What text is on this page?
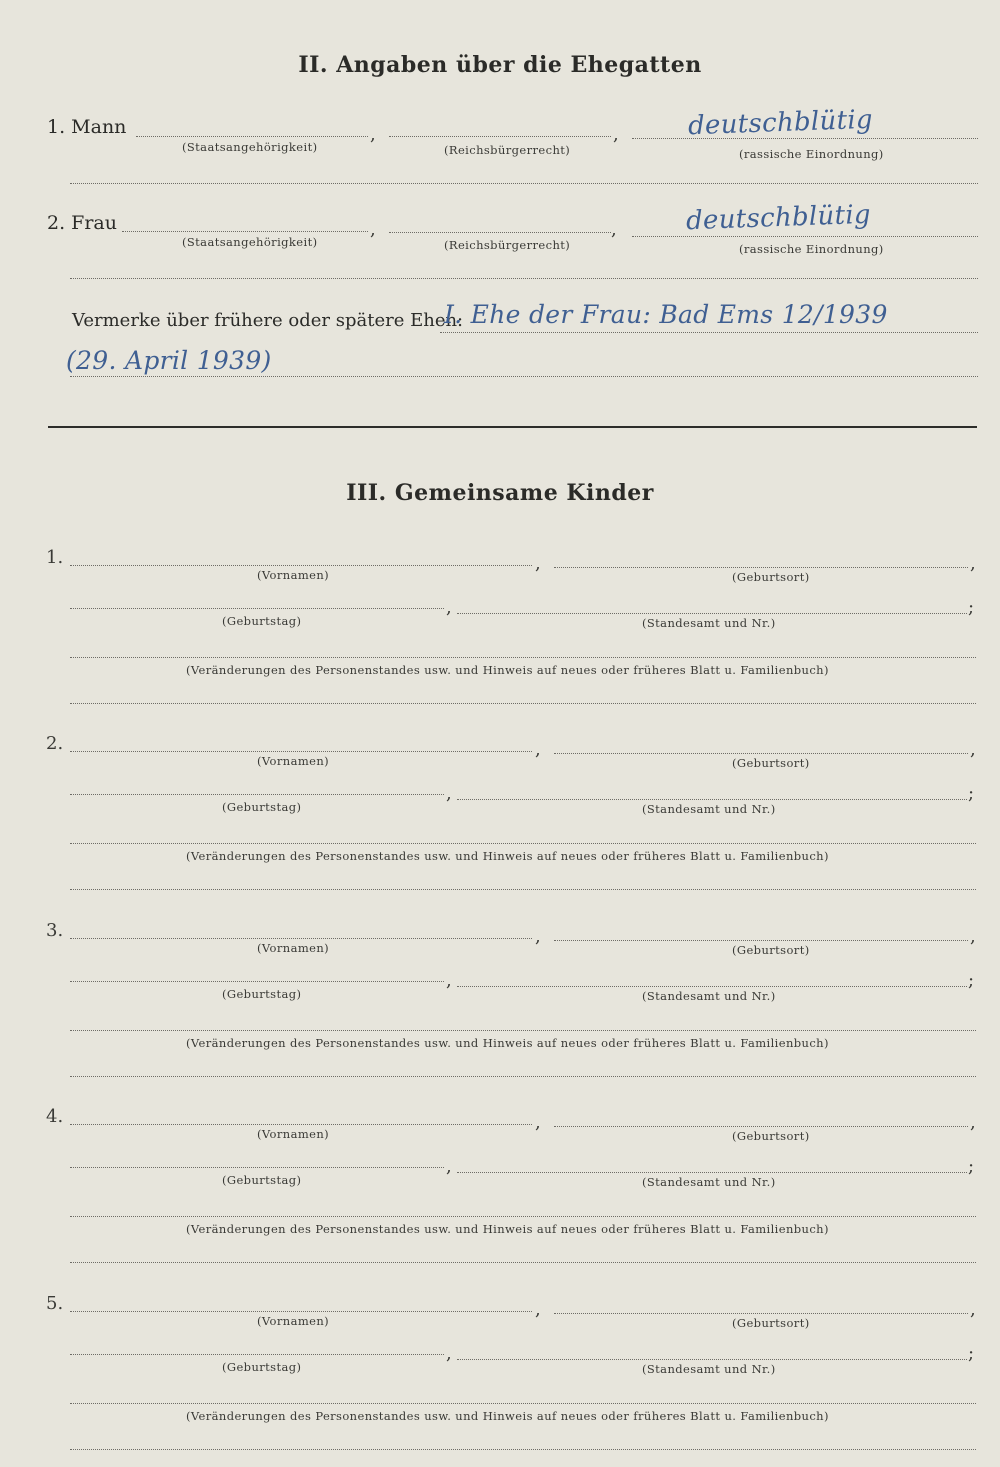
II. Angaben über die Ehegatten
1. Mann	,	,
(Staatsangehörigkeit)	(Reichsbürgerrecht)	(rassische Einordnung)
deutschblütig
2. Frau	,	,
(Staatsangehörigkeit)	(Reichsbürgerrecht)	(rassische Einordnung)
deutschblütig
Vermerke über frühere oder spätere Ehen:
I. Ehe der Frau: Bad Ems 12/1939
(29. April 1939)
III. Gemeinsame Kinder
1.	,	,
(Vornamen)	(Geburtsort)
,	;
(Geburtstag)	(Standesamt und Nr.)
(Veränderungen des Personenstandes usw. und Hinweis auf neues oder früheres Blatt u. Familienbuch)
2.	,	,
(Vornamen)	(Geburtsort)
,	;
(Geburtstag)	(Standesamt und Nr.)
(Veränderungen des Personenstandes usw. und Hinweis auf neues oder früheres Blatt u. Familienbuch)
3.	,	,
(Vornamen)	(Geburtsort)
,	;
(Geburtstag)	(Standesamt und Nr.)
(Veränderungen des Personenstandes usw. und Hinweis auf neues oder früheres Blatt u. Familienbuch)
4.	,	,
(Vornamen)	(Geburtsort)
,	;
(Geburtstag)	(Standesamt und Nr.)
(Veränderungen des Personenstandes usw. und Hinweis auf neues oder früheres Blatt u. Familienbuch)
5.	,	,
(Vornamen)	(Geburtsort)
,	;
(Geburtstag)	(Standesamt und Nr.)
(Veränderungen des Personenstandes usw. und Hinweis auf neues oder früheres Blatt u. Familienbuch)
